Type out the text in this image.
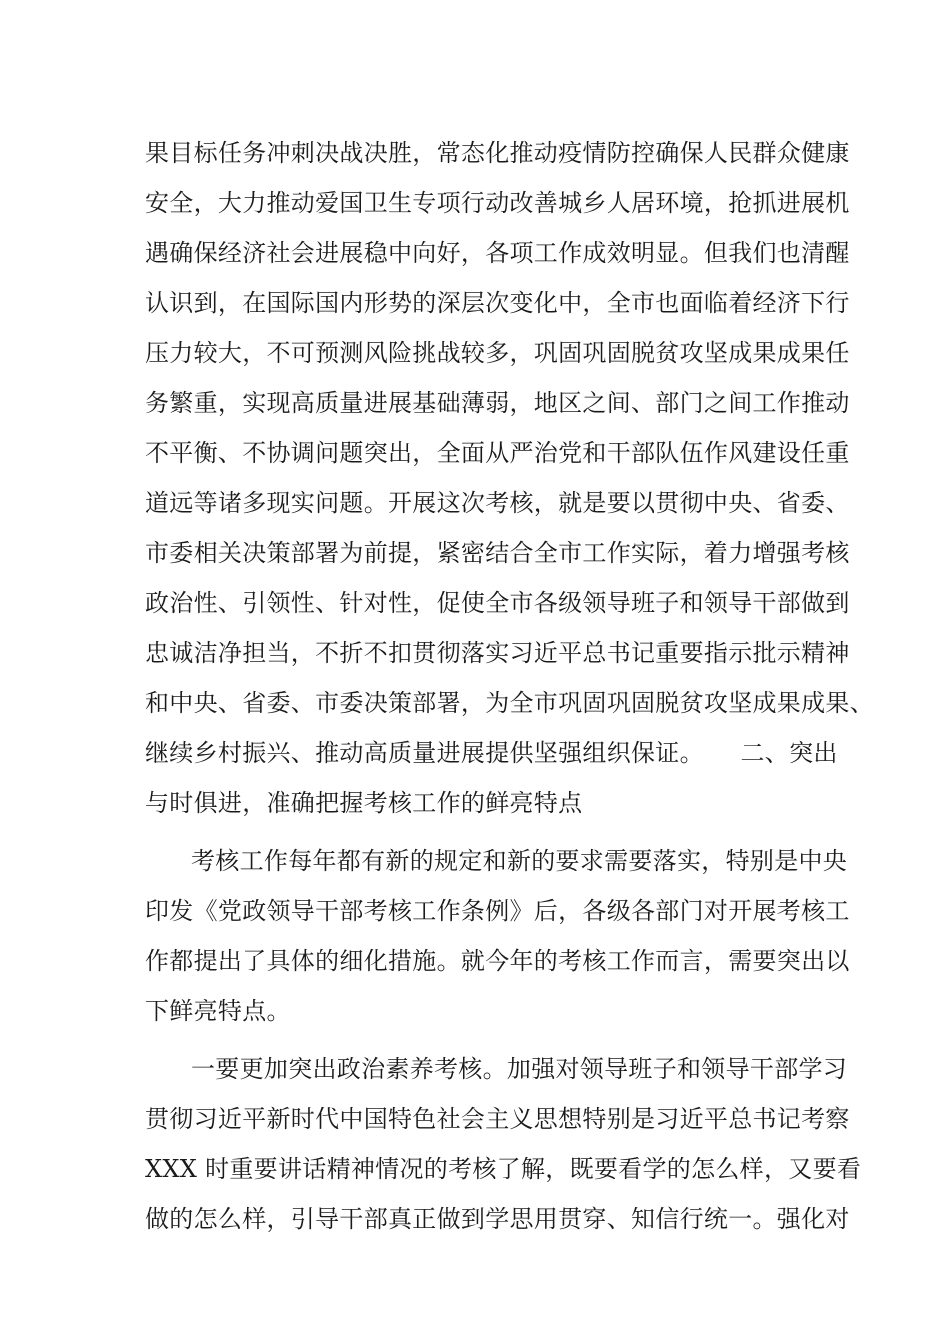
果目标任务冲刺决战决胜，常态化推动疫情防控确保人民群众健康
安全，大力推动爱国卫生专项行动改善城乡人居环境，抢抓进展机
遇确保经济社会进展稳中向好，各项工作成效明显。但我们也清醒
认识到，在国际国内形势的深层次变化中，全市也面临着经济下行
压力较大，不可预测风险挑战较多，巩固巩固脱贫攻坚成果成果任
务繁重，实现高质量进展基础薄弱，地区之间、部门之间工作推动
不平衡、不协调问题突出，全面从严治党和干部队伍作风建设任重
道远等诸多现实问题。开展这次考核，就是要以贯彻中央、省委、
市委相关决策部署为前提，紧密结合全市工作实际，着力增强考核
政治性、引领性、针对性，促使全市各级领导班子和领导干部做到
忠诚洁净担当，不折不扣贯彻落实习近平总书记重要指示批示精神
和中央、省委、市委决策部署，为全市巩固巩固脱贫攻坚成果成果、
继续乡村振兴、推动高质量进展提供坚强组织保证。　　二、突出
与时俱进，准确把握考核工作的鲜亮特点
考核工作每年都有新的规定和新的要求需要落实，特别是中央
印发《党政领导干部考核工作条例》后，各级各部门对开展考核工
作都提出了具体的细化措施。就今年的考核工作而言，需要突出以
下鲜亮特点。
一要更加突出政治素养考核。加强对领导班子和领导干部学习
贯彻习近平新时代中国特色社会主义思想特别是习近平总书记考察
XXX 时重要讲话精神情况的考核了解，既要看学的怎么样，又要看
做的怎么样，引导干部真正做到学思用贯穿、知信行统一。强化对
